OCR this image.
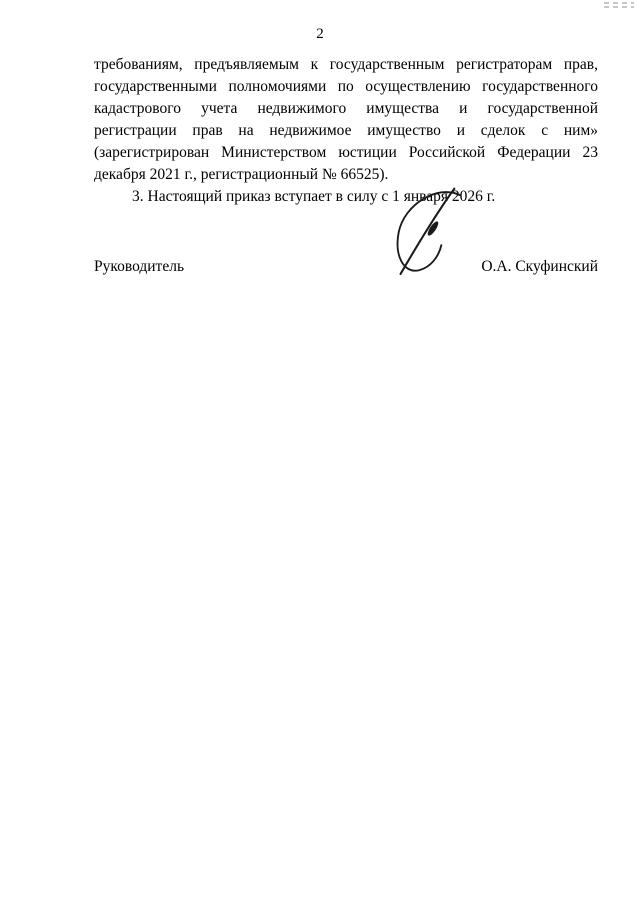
2

требованиям, предъявляемым к государственным регистраторам прав, государственными полномочиями по осуществлению государственного кадастрового учета недвижимого имущества и государственной регистрации прав на недвижимое имущество и сделок с ним» (зарегистрирован Министерством юстиции Российской Федерации 23 декабря 2021 г., регистрационный № 66525).

3. Настоящий приказ вступает в силу с 1 января 2026 г.

Руководитель	О.А. Скуфинский
